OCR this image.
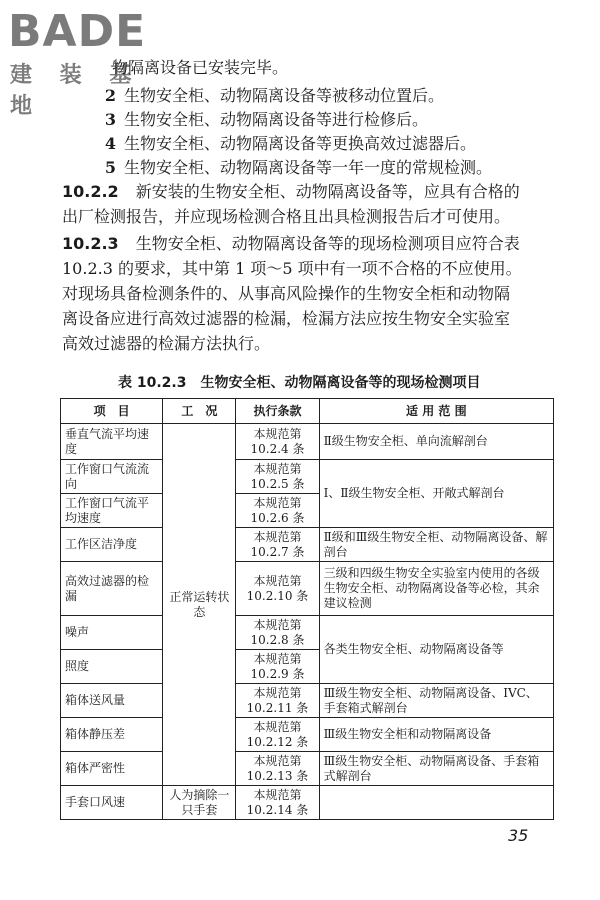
BADE
建 装 基 地
物隔离设备已安装完毕。
2 生物安全柜、动物隔离设备等被移动位置后。
3 生物安全柜、动物隔离设备等进行检修后。
4 生物安全柜、动物隔离设备等更换高效过滤器后。
5 生物安全柜、动物隔离设备等一年一度的常规检测。
10.2.2 新安装的生物安全柜、动物隔离设备等，应具有合格的
出厂检测报告，并应现场检测合格且出具检测报告后才可使用。
10.2.3 生物安全柜、动物隔离设备等的现场检测项目应符合表
10.2.3 的要求，其中第 1 项～5 项中有一项不合格的不应使用。
对现场具备检测条件的、从事高风险操作的生物安全柜和动物隔
离设备应进行高效过滤器的检漏，检漏方法应按生物安全实验室
高效过滤器的检漏方法执行。
表 10.2.3　生物安全柜、动物隔离设备等的现场检测项目
项　目	工　况	执行条款	适 用 范 围
垂直气流平均速度	正常运转状态	本规范第 10.2.4 条	Ⅱ级生物安全柜、单向流解剖台
工作窗口气流流向		本规范第 10.2.5 条	Ⅰ、Ⅱ级生物安全柜、开敞式解剖台
工作窗口气流平均速度		本规范第 10.2.6 条	
工作区洁净度		本规范第 10.2.7 条	Ⅱ级和Ⅲ级生物安全柜、动物隔离设备、解剖台
高效过滤器的检漏		本规范第 10.2.10 条	三级和四级生物安全实验室内使用的各级生物安全柜、动物隔离设备等必检，其余建议检测
噪声		本规范第 10.2.8 条	各类生物安全柜、动物隔离设备等
照度		本规范第 10.2.9 条	
箱体送风量		本规范第 10.2.11 条	Ⅲ级生物安全柜、动物隔离设备、IVC、手套箱式解剖台
箱体静压差		本规范第 10.2.12 条	Ⅲ级生物安全柜和动物隔离设备
箱体严密性		本规范第 10.2.13 条	Ⅲ级生物安全柜、动物隔离设备、手套箱式解剖台
手套口风速	人为摘除一只手套	本规范第 10.2.14 条	
35
